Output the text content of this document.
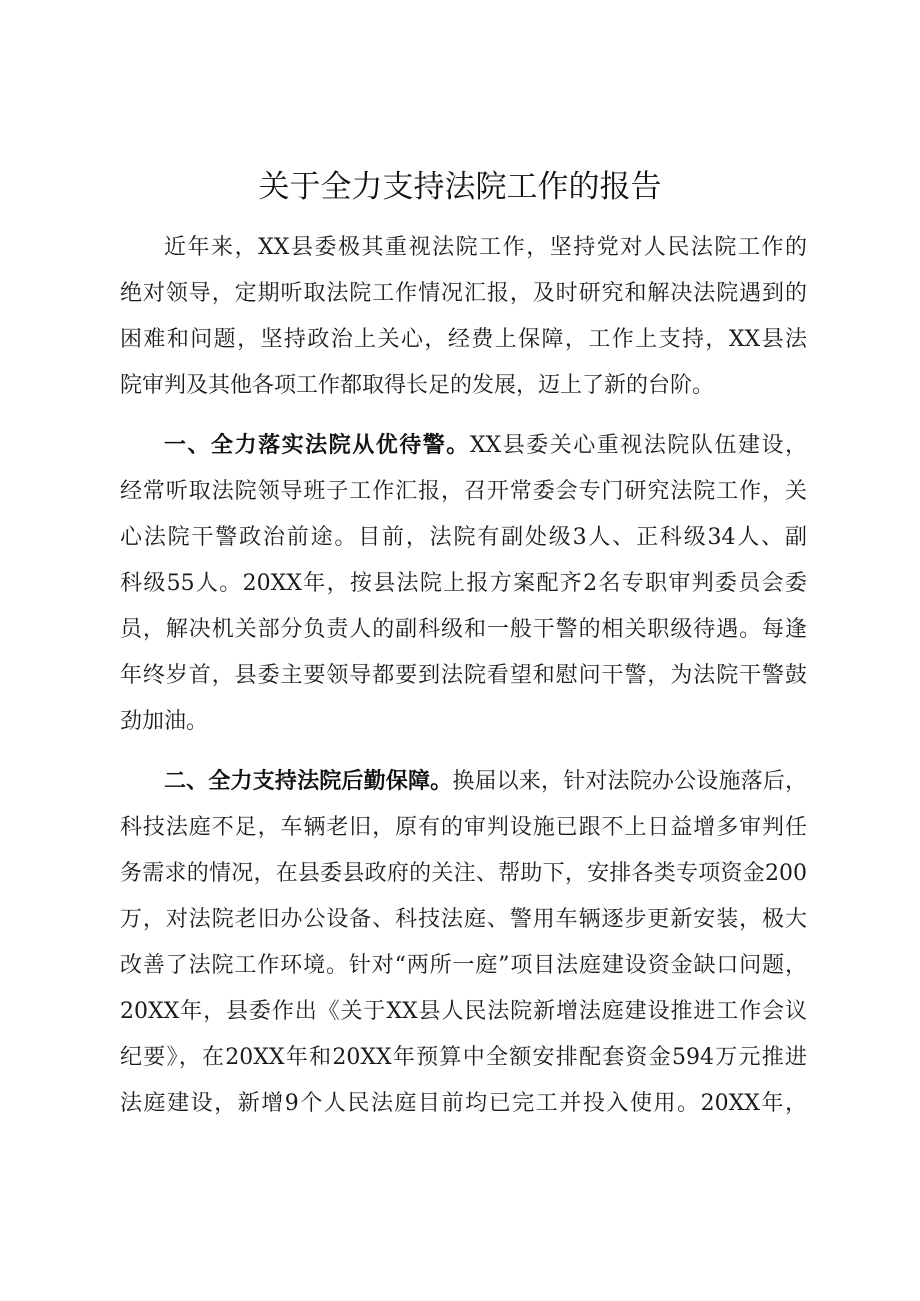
关于全力支持法院工作的报告
近年来，XX县委极其重视法院工作，坚持党对人民法院工作的
绝对领导，定期听取法院工作情况汇报，及时研究和解决法院遇到的
困难和问题，坚持政治上关心，经费上保障，工作上支持，XX县法
院审判及其他各项工作都取得长足的发展，迈上了新的台阶。
一、全力落实法院从优待警。XX县委关心重视法院队伍建设，
经常听取法院领导班子工作汇报，召开常委会专门研究法院工作，关
心法院干警政治前途。目前，法院有副处级3人、正科级34人、副
科级55人。20XX年，按县法院上报方案配齐2名专职审判委员会委
员，解决机关部分负责人的副科级和一般干警的相关职级待遇。每逢
年终岁首，县委主要领导都要到法院看望和慰问干警，为法院干警鼓
劲加油。
二、全力支持法院后勤保障。换届以来，针对法院办公设施落后，
科技法庭不足，车辆老旧，原有的审判设施已跟不上日益增多审判任
务需求的情况，在县委县政府的关注、帮助下，安排各类专项资金200
万，对法院老旧办公设备、科技法庭、警用车辆逐步更新安装，极大
改善了法院工作环境。针对“两所一庭”项目法庭建设资金缺口问题，
20XX年，县委作出《关于XX县人民法院新增法庭建设推进工作会议
纪要》，在20XX年和20XX年预算中全额安排配套资金594万元推进
法庭建设，新增9个人民法庭目前均已完工并投入使用。20XX年，
